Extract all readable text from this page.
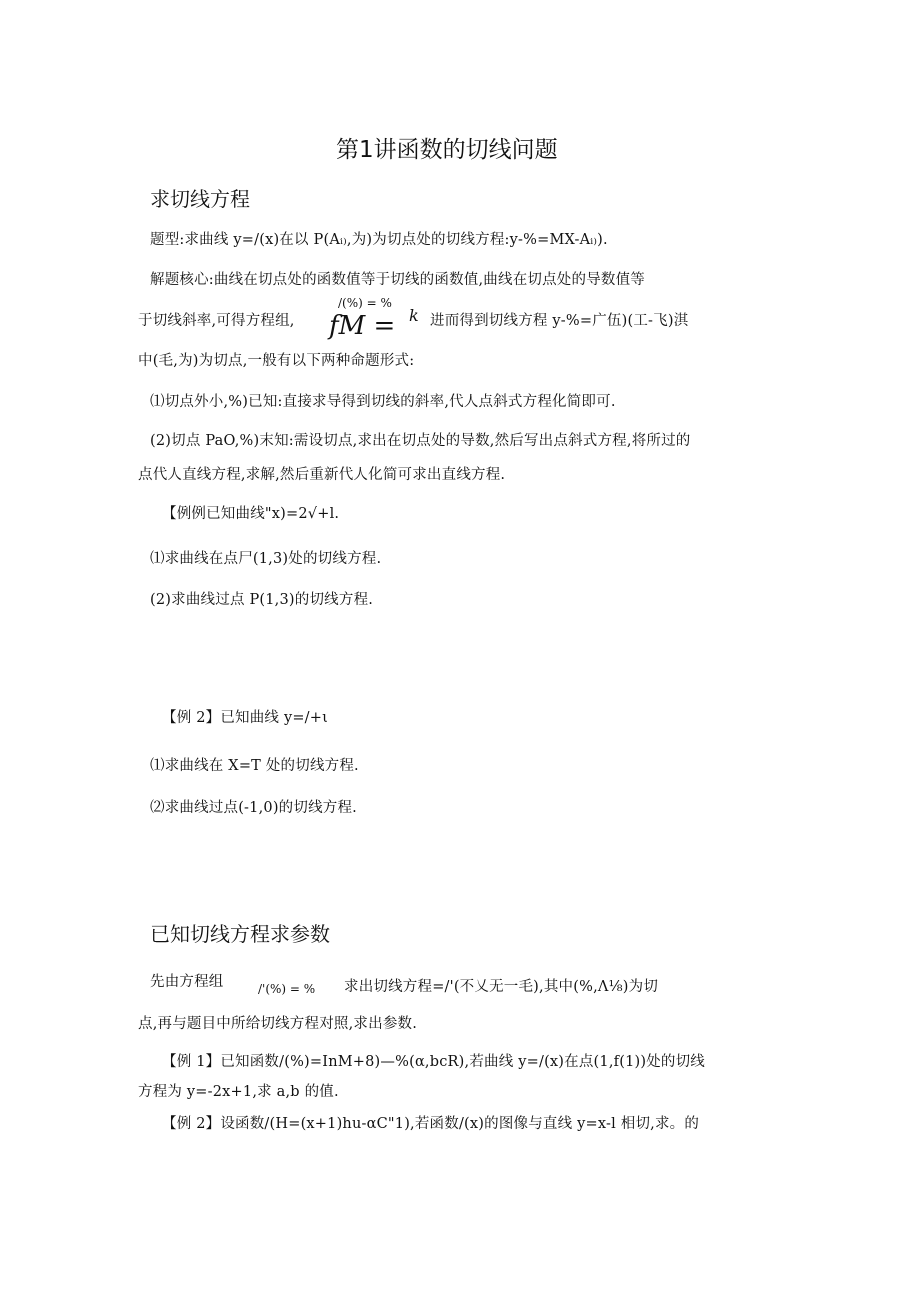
第1讲函数的切线问题
求切线方程
题型:求曲线 y=/(x)在以 P(Aᵢ₎,为)为切点处的切线方程:y-%=MX-Aᵢ₎).
解题核心:曲线在切点处的函数值等于切线的函数值,曲线在切点处的导数值等
于切线斜率,可得方程组,
/(%) = %
fM = k 进而得到切线方程 y-%=广伍)(工-飞)淇
中(毛,为)为切点,一般有以下两种命题形式:
⑴切点外小,%)已知:直接求导得到切线的斜率,代人点斜式方程化简即可.
(2)切点 PaO,%)末知:需设切点,求出在切点处的导数,然后写出点斜式方程,将所过的
点代人直线方程,求解,然后重新代人化简可求出直线方程.
【例例已知曲线"x)=2√+l.
⑴求曲线在点尸(1,3)处的切线方程.
(2)求曲线过点 P(1,3)的切线方程.
【例 2】已知曲线 y=/+ι
⑴求曲线在 X=T 处的切线方程.
⑵求曲线过点(-1,0)的切线方程.
已知切线方程求参数
先由方程组	/'(%) = % 求出切线方程=/'(不乂无一毛),其中(%,Λ⅛)为切
点,再与题目中所给切线方程对照,求出参数.
【例 1】已知函数/(%)=InM+8)—%(α,bcR),若曲线 y=/(x)在点(1,f(1))处的切线
方程为 y=-2x+1,求 a,b 的值.
【例 2】设函数/(H=(x+1)hu-αC"1),若函数/(x)的图像与直线 y=x-l 相切,求。的
